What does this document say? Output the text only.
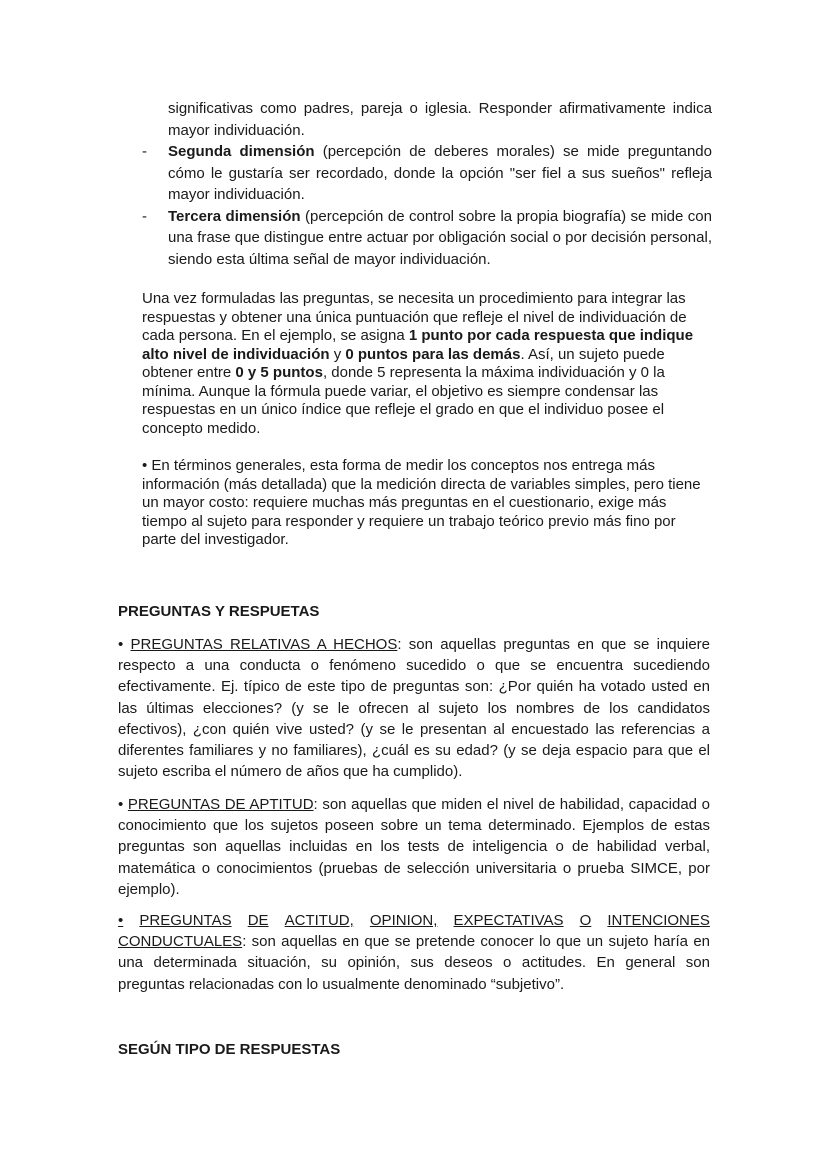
significativas como padres, pareja o iglesia. Responder afirmativamente indica mayor individuación.
- Segunda dimensión (percepción de deberes morales) se mide preguntando cómo le gustaría ser recordado, donde la opción "ser fiel a sus sueños" refleja mayor individuación.
- Tercera dimensión (percepción de control sobre la propia biografía) se mide con una frase que distingue entre actuar por obligación social o por decisión personal, siendo esta última señal de mayor individuación.

Una vez formuladas las preguntas, se necesita un procedimiento para integrar las respuestas y obtener una única puntuación que refleje el nivel de individuación de cada persona. En el ejemplo, se asigna 1 punto por cada respuesta que indique alto nivel de individuación y 0 puntos para las demás. Así, un sujeto puede obtener entre 0 y 5 puntos, donde 5 representa la máxima individuación y 0 la mínima. Aunque la fórmula puede variar, el objetivo es siempre condensar las respuestas en un único índice que refleje el grado en que el individuo posee el concepto medido.

• En términos generales, esta forma de medir los conceptos nos entrega más información (más detallada) que la medición directa de variables simples, pero tiene un mayor costo: requiere muchas más preguntas en el cuestionario, exige más tiempo al sujeto para responder y requiere un trabajo teórico previo más fino por parte del investigador.

PREGUNTAS Y RESPUETAS

• PREGUNTAS RELATIVAS A HECHOS: son aquellas preguntas en que se inquiere respecto a una conducta o fenómeno sucedido o que se encuentra sucediendo efectivamente. Ej. típico de este tipo de preguntas son: ¿Por quién ha votado usted en las últimas elecciones? (y se le ofrecen al sujeto los nombres de los candidatos efectivos), ¿con quién vive usted? (y se le presentan al encuestado las referencias a diferentes familiares y no familiares), ¿cuál es su edad? (y se deja espacio para que el sujeto escriba el número de años que ha cumplido).

• PREGUNTAS DE APTITUD: son aquellas que miden el nivel de habilidad, capacidad o conocimiento que los sujetos poseen sobre un tema determinado. Ejemplos de estas preguntas son aquellas incluidas en los tests de inteligencia o de habilidad verbal, matemática o conocimientos (pruebas de selección universitaria o prueba SIMCE, por ejemplo).

• PREGUNTAS DE ACTITUD, OPINION, EXPECTATIVAS O INTENCIONES
CONDUCTUALES: son aquellas en que se pretende conocer lo que un sujeto haría en una determinada situación, su opinión, sus deseos o actitudes. En general son preguntas relacionadas con lo usualmente denominado “subjetivo”.
SEGÚN TIPO DE RESPUESTAS
